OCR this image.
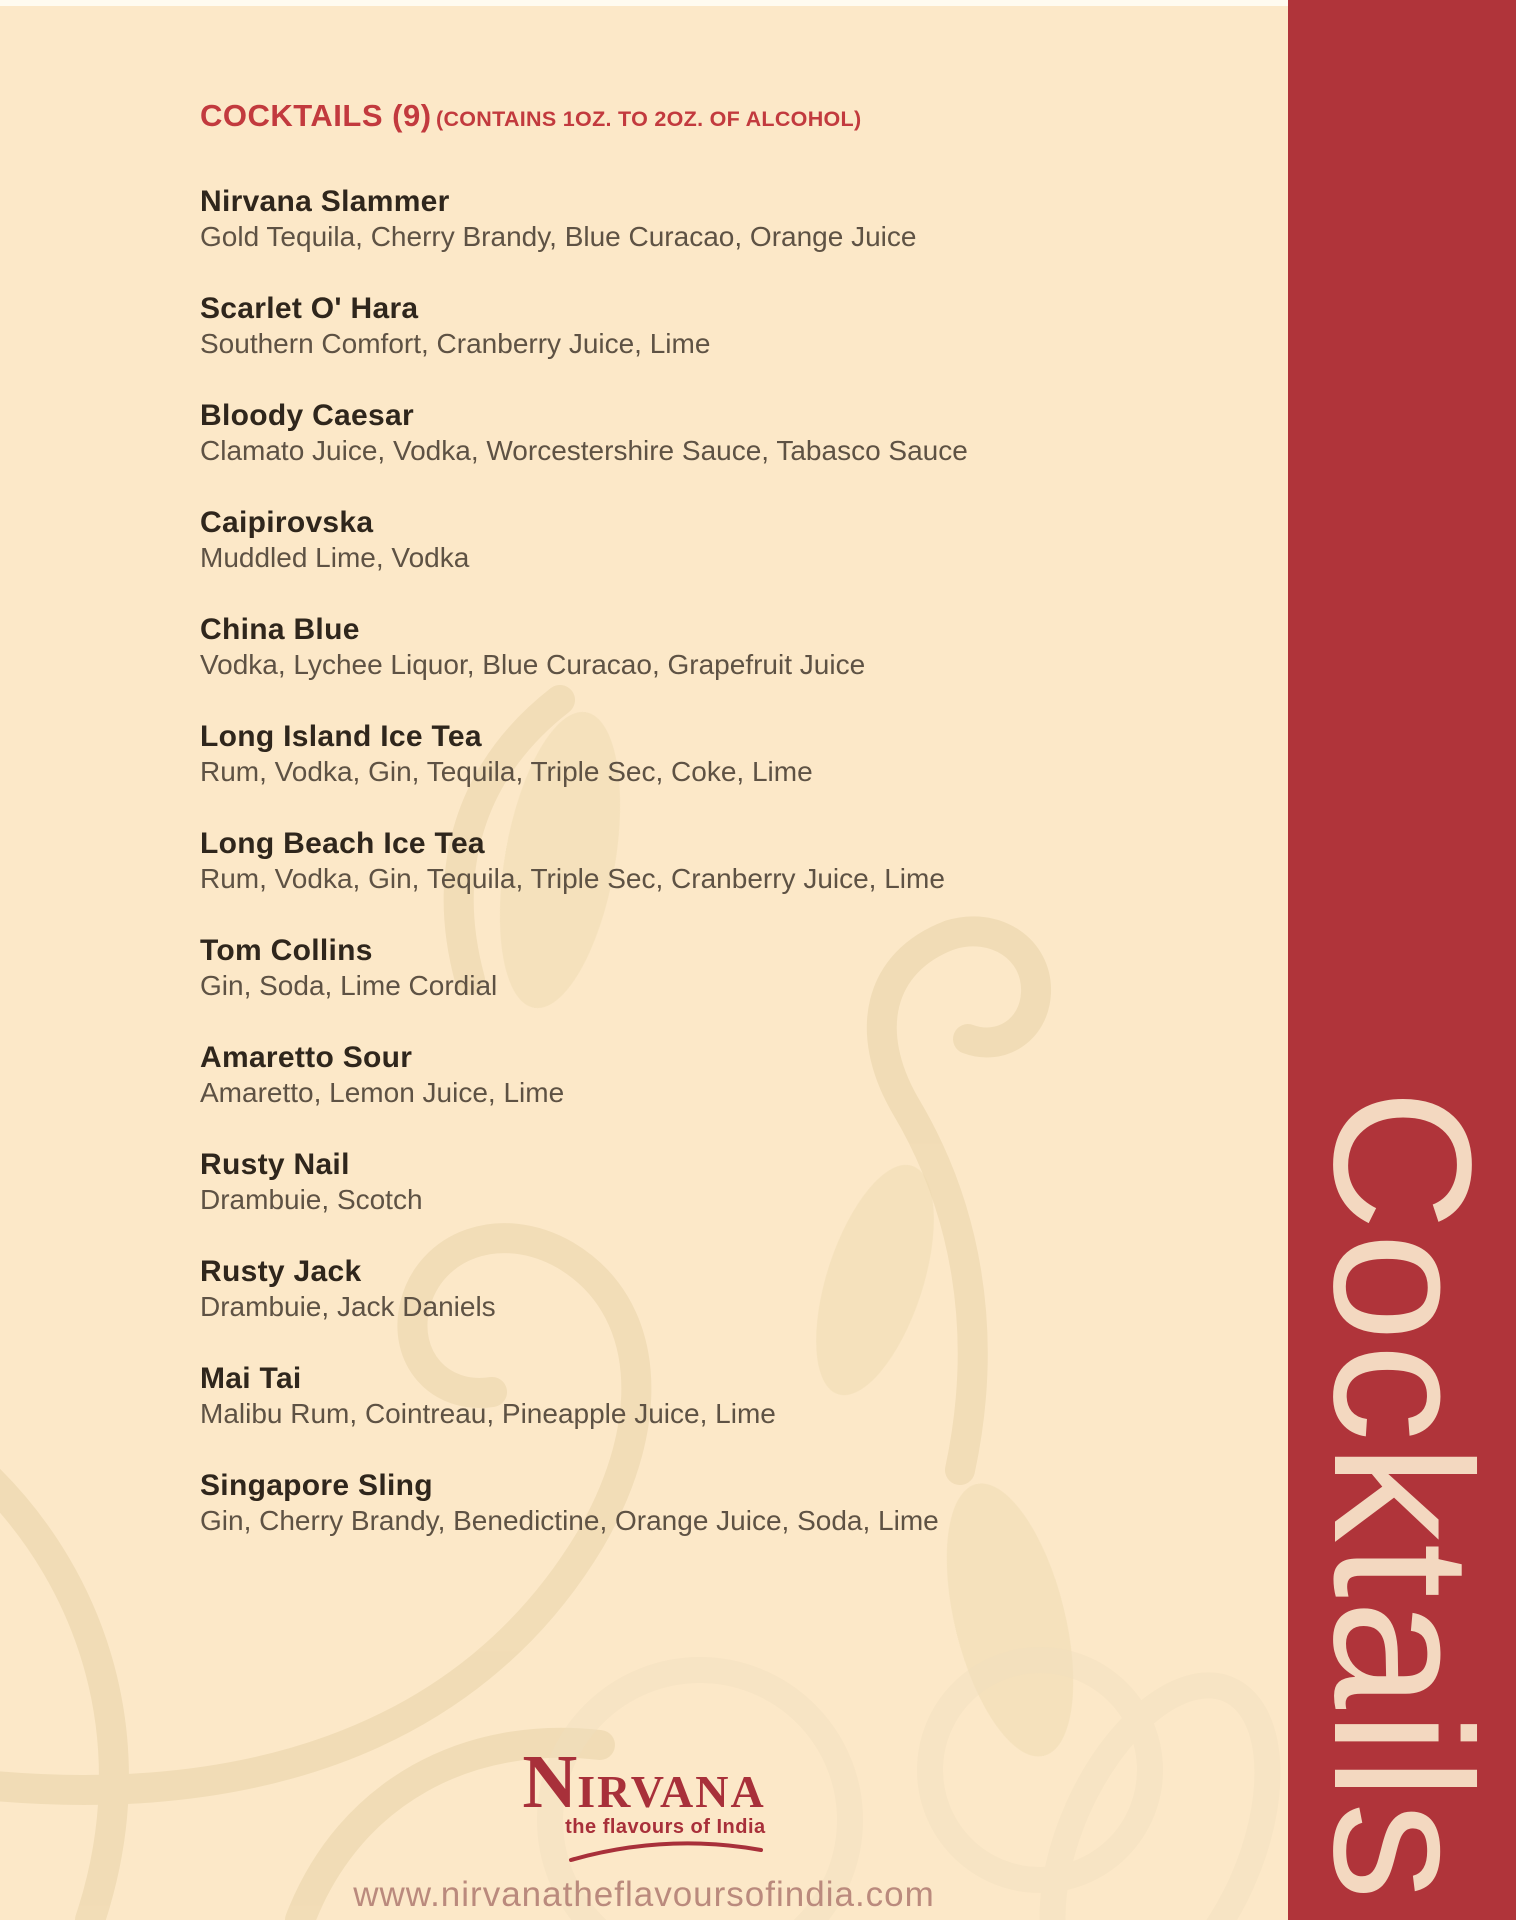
COCKTAILS (9) (CONTAINS 1OZ. TO 2OZ. OF ALCOHOL)
Nirvana Slammer
Gold Tequila, Cherry Brandy, Blue Curacao, Orange Juice
Scarlet O' Hara
Southern Comfort, Cranberry Juice, Lime
Bloody Caesar
Clamato Juice, Vodka, Worcestershire Sauce, Tabasco Sauce
Caipirovska
Muddled Lime, Vodka
China Blue
Vodka, Lychee Liquor, Blue Curacao, Grapefruit Juice
Long Island Ice Tea
Rum, Vodka, Gin, Tequila, Triple Sec, Coke, Lime
Long Beach Ice Tea
Rum, Vodka, Gin, Tequila, Triple Sec, Cranberry Juice, Lime
Tom Collins
Gin, Soda, Lime Cordial
Amaretto Sour
Amaretto, Lemon Juice, Lime
Rusty Nail
Drambuie, Scotch
Rusty Jack
Drambuie, Jack Daniels
Mai Tai
Malibu Rum, Cointreau, Pineapple Juice, Lime
Singapore Sling
Gin, Cherry Brandy, Benedictine, Orange Juice, Soda, Lime
NIRVANA
the flavours of India
www.nirvanatheflavoursofindia.com	Cocktails
